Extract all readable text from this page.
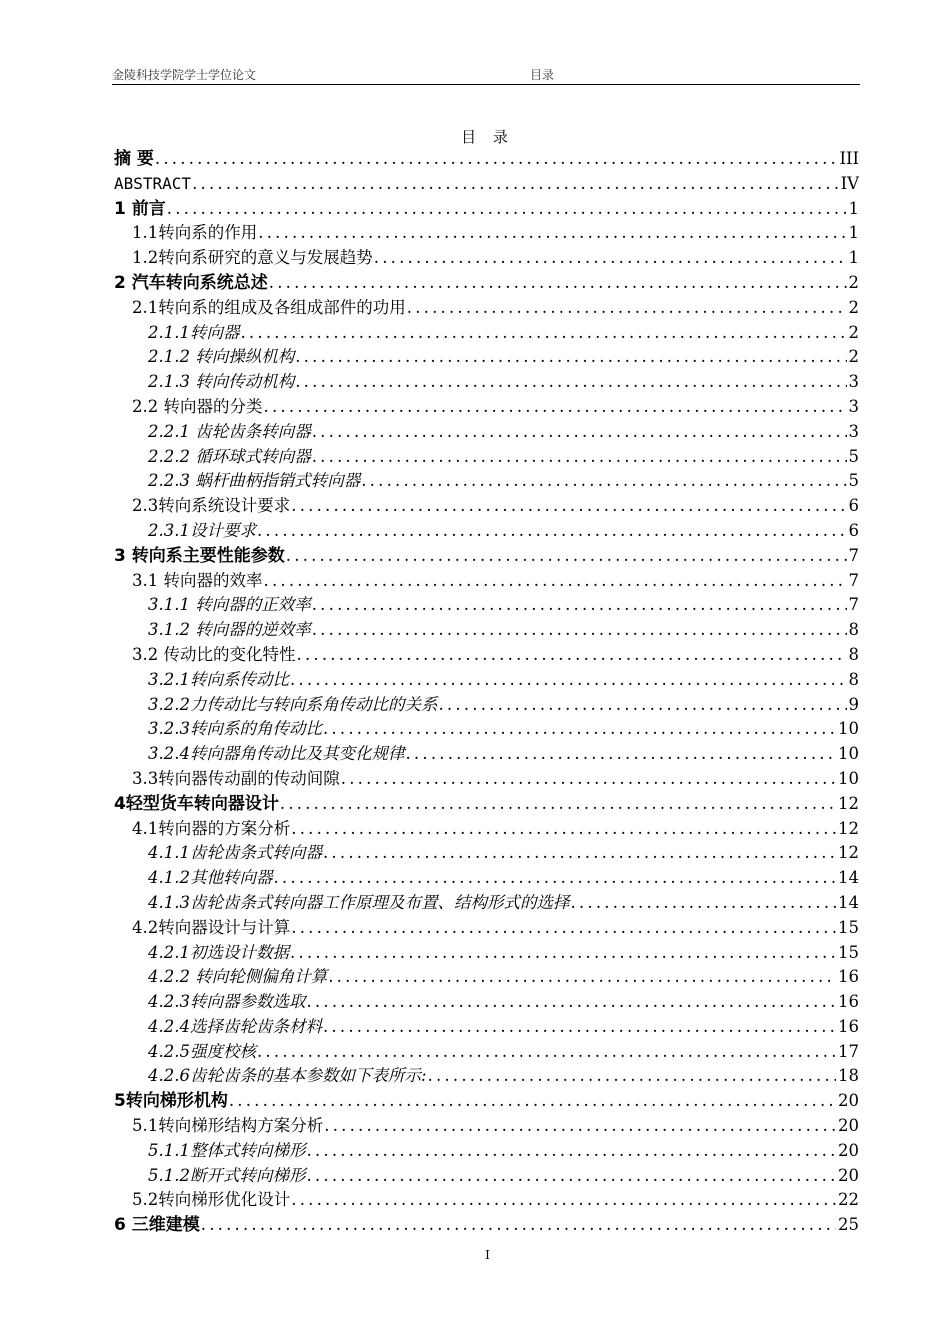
金陵科技学院学士学位论文	目录
目 录
摘 要 .....	III
ABSTRACT .....	IV
1 前言 .....	1
1.1转向系的作用 .....	1
1.2转向系研究的意义与发展趋势 .....	1
2 汽车转向系统总述 .....	2
2.1转向系的组成及各组成部件的功用 .....	2
2.1.1转向器 .....	2
2.1.2 转向操纵机构 .....	2
2.1.3 转向传动机构 .....	3
2.2 转向器的分类 .....	3
2.2.1 齿轮齿条转向器 .....	3
2.2.2 循环球式转向器 .....	5
2.2.3 蜗杆曲柄指销式转向器 .....	5
2.3转向系统设计要求 .....	6
2.3.1设计要求 .....	6
3 转向系主要性能参数 .....	7
3.1 转向器的效率 .....	7
3.1.1 转向器的正效率 .....	7
3.1.2 转向器的逆效率 .....	8
3.2 传动比的变化特性 .....	8
3.2.1转向系传动比 .....	8
3.2.2力传动比与转向系角传动比的关系 .....	9
3.2.3转向系的角传动比 .....	10
3.2.4转向器角传动比及其变化规律 .....	10
3.3转向器传动副的传动间隙 .....	10
4轻型货车转向器设计 .....	12
4.1转向器的方案分析 .....	12
4.1.1齿轮齿条式转向器 .....	12
4.1.2其他转向器 .....	14
4.1.3齿轮齿条式转向器工作原理及布置、结构形式的选择 .....	14
4.2转向器设计与计算 .....	15
4.2.1初选设计数据 .....	15
4.2.2 转向轮侧偏角计算 .....	16
4.2.3转向器参数选取 .....	16
4.2.4选择齿轮齿条材料 .....	16
4.2.5强度校核 .....	17
4.2.6齿轮齿条的基本参数如下表所示: .....	18
5转向梯形机构 .....	20
5.1转向梯形结构方案分析 .....	20
5.1.1整体式转向梯形 .....	20
5.1.2断开式转向梯形 .....	20
5.2转向梯形优化设计 .....	22
6 三维建模 .....	25
I
